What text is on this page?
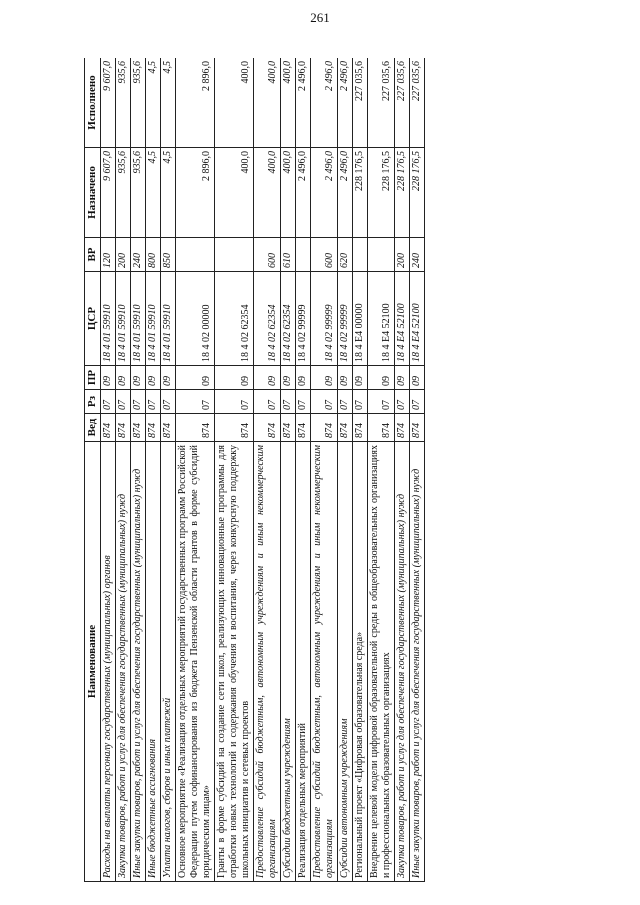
261
Наименование	Вед	Рз	ПР	ЦСР	ВР	Назначено	Исполнено
Расходы на выплаты персоналу государственных (муниципальных) органов	874	07	09	18 4 01 59910	120	9 607,0	9 607,0
Закупка товаров, работ и услуг для обеспечения государственных (муниципальных) нужд	874	07	09	18 4 01 59910	200	935,6	935,6
Иные закупки товаров, работ и услуг для обеспечения государственных (муниципальных) нужд	874	07	09	18 4 01 59910	240	935,6	935,6
Иные бюджетные ассигнования	874	07	09	18 4 01 59910	800	4,5	4,5
Уплата налогов, сборов и иных платежей	874	07	09	18 4 01 59910	850	4,5	4,5
Основное мероприятие «Реализация отдельных мероприятий государственных программ Российской Федерации путем софинансирования из бюджета Пензенской области грантов в форме субсидий юридическим лицам»	874	07	09	18 4 02 00000		2 896,0	2 896,0
Гранты в форме субсидий на создание сети школ, реализующих инновационные программы для отработки новых технологий и содержания обучения и воспитания, через конкурсную поддержку школьных инициатив и сетевых проектов	874	07	09	18 4 02 62354		400,0	400,0
Предоставление субсидий бюджетным, автономным учреждениям и иным некоммерческим организациям	874	07	09	18 4 02 62354	600	400,0	400,0
Субсидии бюджетным учреждениям	874	07	09	18 4 02 62354	610	400,0	400,0
Реализация отдельных мероприятий	874	07	09	18 4 02 99999		2 496,0	2 496,0
Предоставление субсидий бюджетным, автономным учреждениям и иным некоммерческим организациям	874	07	09	18 4 02 99999	600	2 496,0	2 496,0
Субсидии автономным учреждениям	874	07	09	18 4 02 99999	620	2 496,0	2 496,0
Региональный проект «Цифровая образовательная среда»	874	07	09	18 4 E4 00000		228 176,5	227 035,6
Внедрение целевой модели цифровой образовательной среды в общеобразовательных организациях и профессиональных образовательных организациях	874	07	09	18 4 E4 52100		228 176,5	227 035,6
Закупка товаров, работ и услуг для обеспечения государственных (муниципальных) нужд	874	07	09	18 4 E4 52100	200	228 176,5	227 035,6
Иные закупки товаров, работ и услуг для обеспечения государственных (муниципальных) нужд	874	07	09	18 4 E4 52100	240	228 176,5	227 035,6
